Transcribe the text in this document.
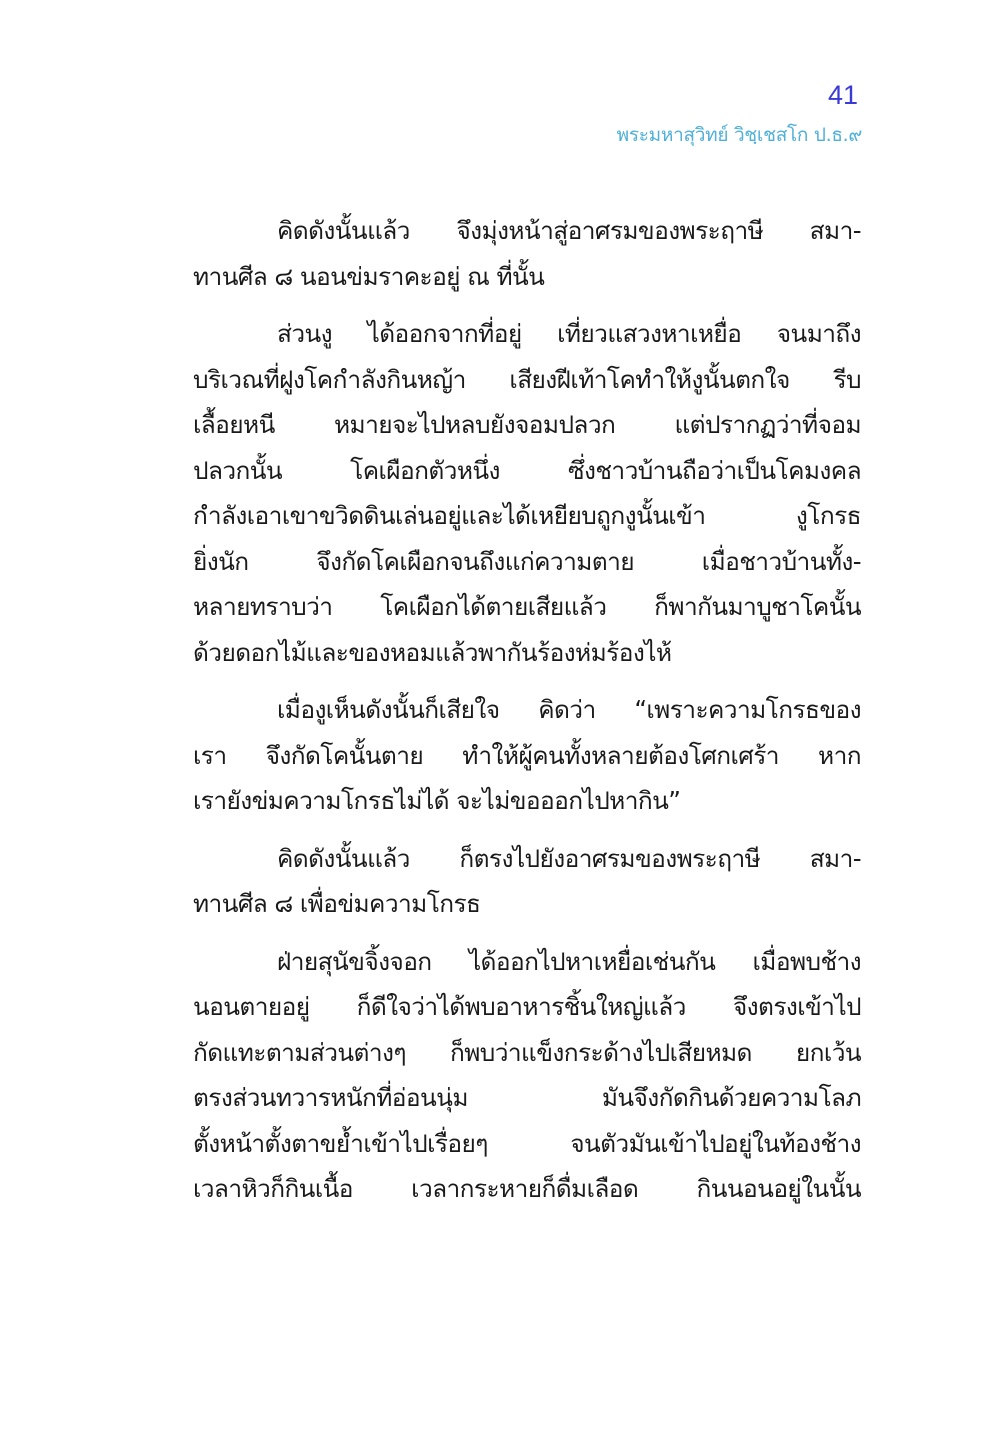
41
พระมหาสุวิทย์ วิชฺเชสโก ป.ธ.๙
คิดดังนั้นแล้ว จึงมุ่งหน้าสู่อาศรมของพระฤาษี สมา-
ทานศีล ๘ นอนข่มราคะอยู่ ณ ที่นั้น
ส่วนงู ได้ออกจากที่อยู่ เที่ยวแสวงหาเหยื่อ จนมาถึง
บริเวณที่ฝูงโคกำลังกินหญ้า เสียงฝีเท้าโคทำให้งูนั้นตกใจ รีบ
เลื้อยหนี หมายจะไปหลบยังจอมปลวก แต่ปรากฏว่าที่จอม
ปลวกนั้น โคเผือกตัวหนึ่ง ซึ่งชาวบ้านถือว่าเป็นโคมงคล
กำลังเอาเขาขวิดดินเล่นอยู่และได้เหยียบถูกงูนั้นเข้า งูโกรธ
ยิ่งนัก จึงกัดโคเผือกจนถึงแก่ความตาย เมื่อชาวบ้านทั้ง-
หลายทราบว่า โคเผือกได้ตายเสียแล้ว ก็พากันมาบูชาโคนั้น
ด้วยดอกไม้และของหอมแล้วพากันร้องห่มร้องไห้
เมื่องูเห็นดังนั้นก็เสียใจ คิดว่า “เพราะความโกรธของ
เรา จึงกัดโคนั้นตาย ทำให้ผู้คนทั้งหลายต้องโศกเศร้า หาก
เรายังข่มความโกรธไม่ได้ จะไม่ขอออกไปหากิน”
คิดดังนั้นแล้ว ก็ตรงไปยังอาศรมของพระฤาษี สมา-
ทานศีล ๘ เพื่อข่มความโกรธ
ฝ่ายสุนัขจิ้งจอก ได้ออกไปหาเหยื่อเช่นกัน เมื่อพบช้าง
นอนตายอยู่ ก็ดีใจว่าได้พบอาหารชิ้นใหญ่แล้ว จึงตรงเข้าไป
กัดแทะตามส่วนต่างๆ ก็พบว่าแข็งกระด้างไปเสียหมด ยกเว้น
ตรงส่วนทวารหนักที่อ่อนนุ่ม มันจึงกัดกินด้วยความโลภ
ตั้งหน้าตั้งตาขย้ำเข้าไปเรื่อยๆ จนตัวมันเข้าไปอยู่ในท้องช้าง
เวลาหิวก็กินเนื้อ เวลากระหายก็ดื่มเลือด กินนอนอยู่ในนั้น
